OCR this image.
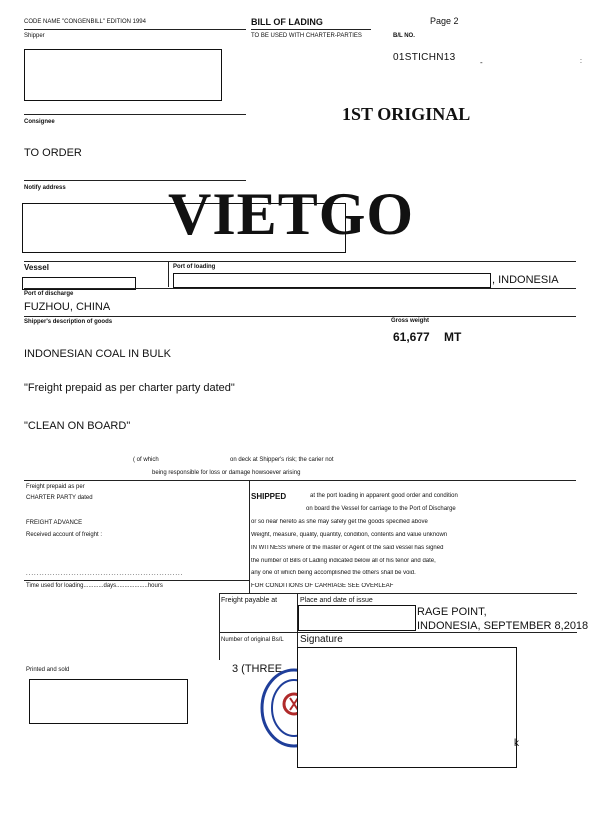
CODE NAME "CONGENBILL" EDITION 1994
Shipper
BILL OF LADING
TO BE USED WITH CHARTER-PARTIES
Page 2
B/L NO.
01STICHN13	-	:
Consignee	1ST ORIGINAL
TO ORDER
Notify address VIETGO
Vessel	Port of loading
, INDONESIA
Port of discharge
FUZHOU, CHINA
Shipper's description of goods	Gross weight
61,677 MT
INDONESIAN COAL IN BULK
"Freight prepaid as per charter party dated"
"CLEAN ON BOARD"
( of which	on deck at Shipper's risk; the carier not
being responsible for loss or damage howsoever arising
Freight prepaid as per
CHARTER PARTY dated
FREIGHT ADVANCE
Received account of freight :
...........................................................
Time used for loading............days...................hours
SHIPPED	at the port loading in apparent good order and condition
on board the Vessel for carriage to the Port of Discharge
or so near hereto as she may safely get the goods specified above
Weight, measure, quality, quantity, condition, contents and value unknown
IN WITNESS where of the master or Agent of the said vessel has signed
the number of Bills of Lading indicated below all of his tenor and date,
any one of which being accomplished the others shall be void.
FOR CONDITIONS OF CARRIAGE SEE OVERLEAF
Freight payable at	Place and date of issue
RAGE POINT,
INDONESIA, SEPTEMBER 8,2018
Number of original Bs/L Signature
3 (THREE
k
Printed and sold
